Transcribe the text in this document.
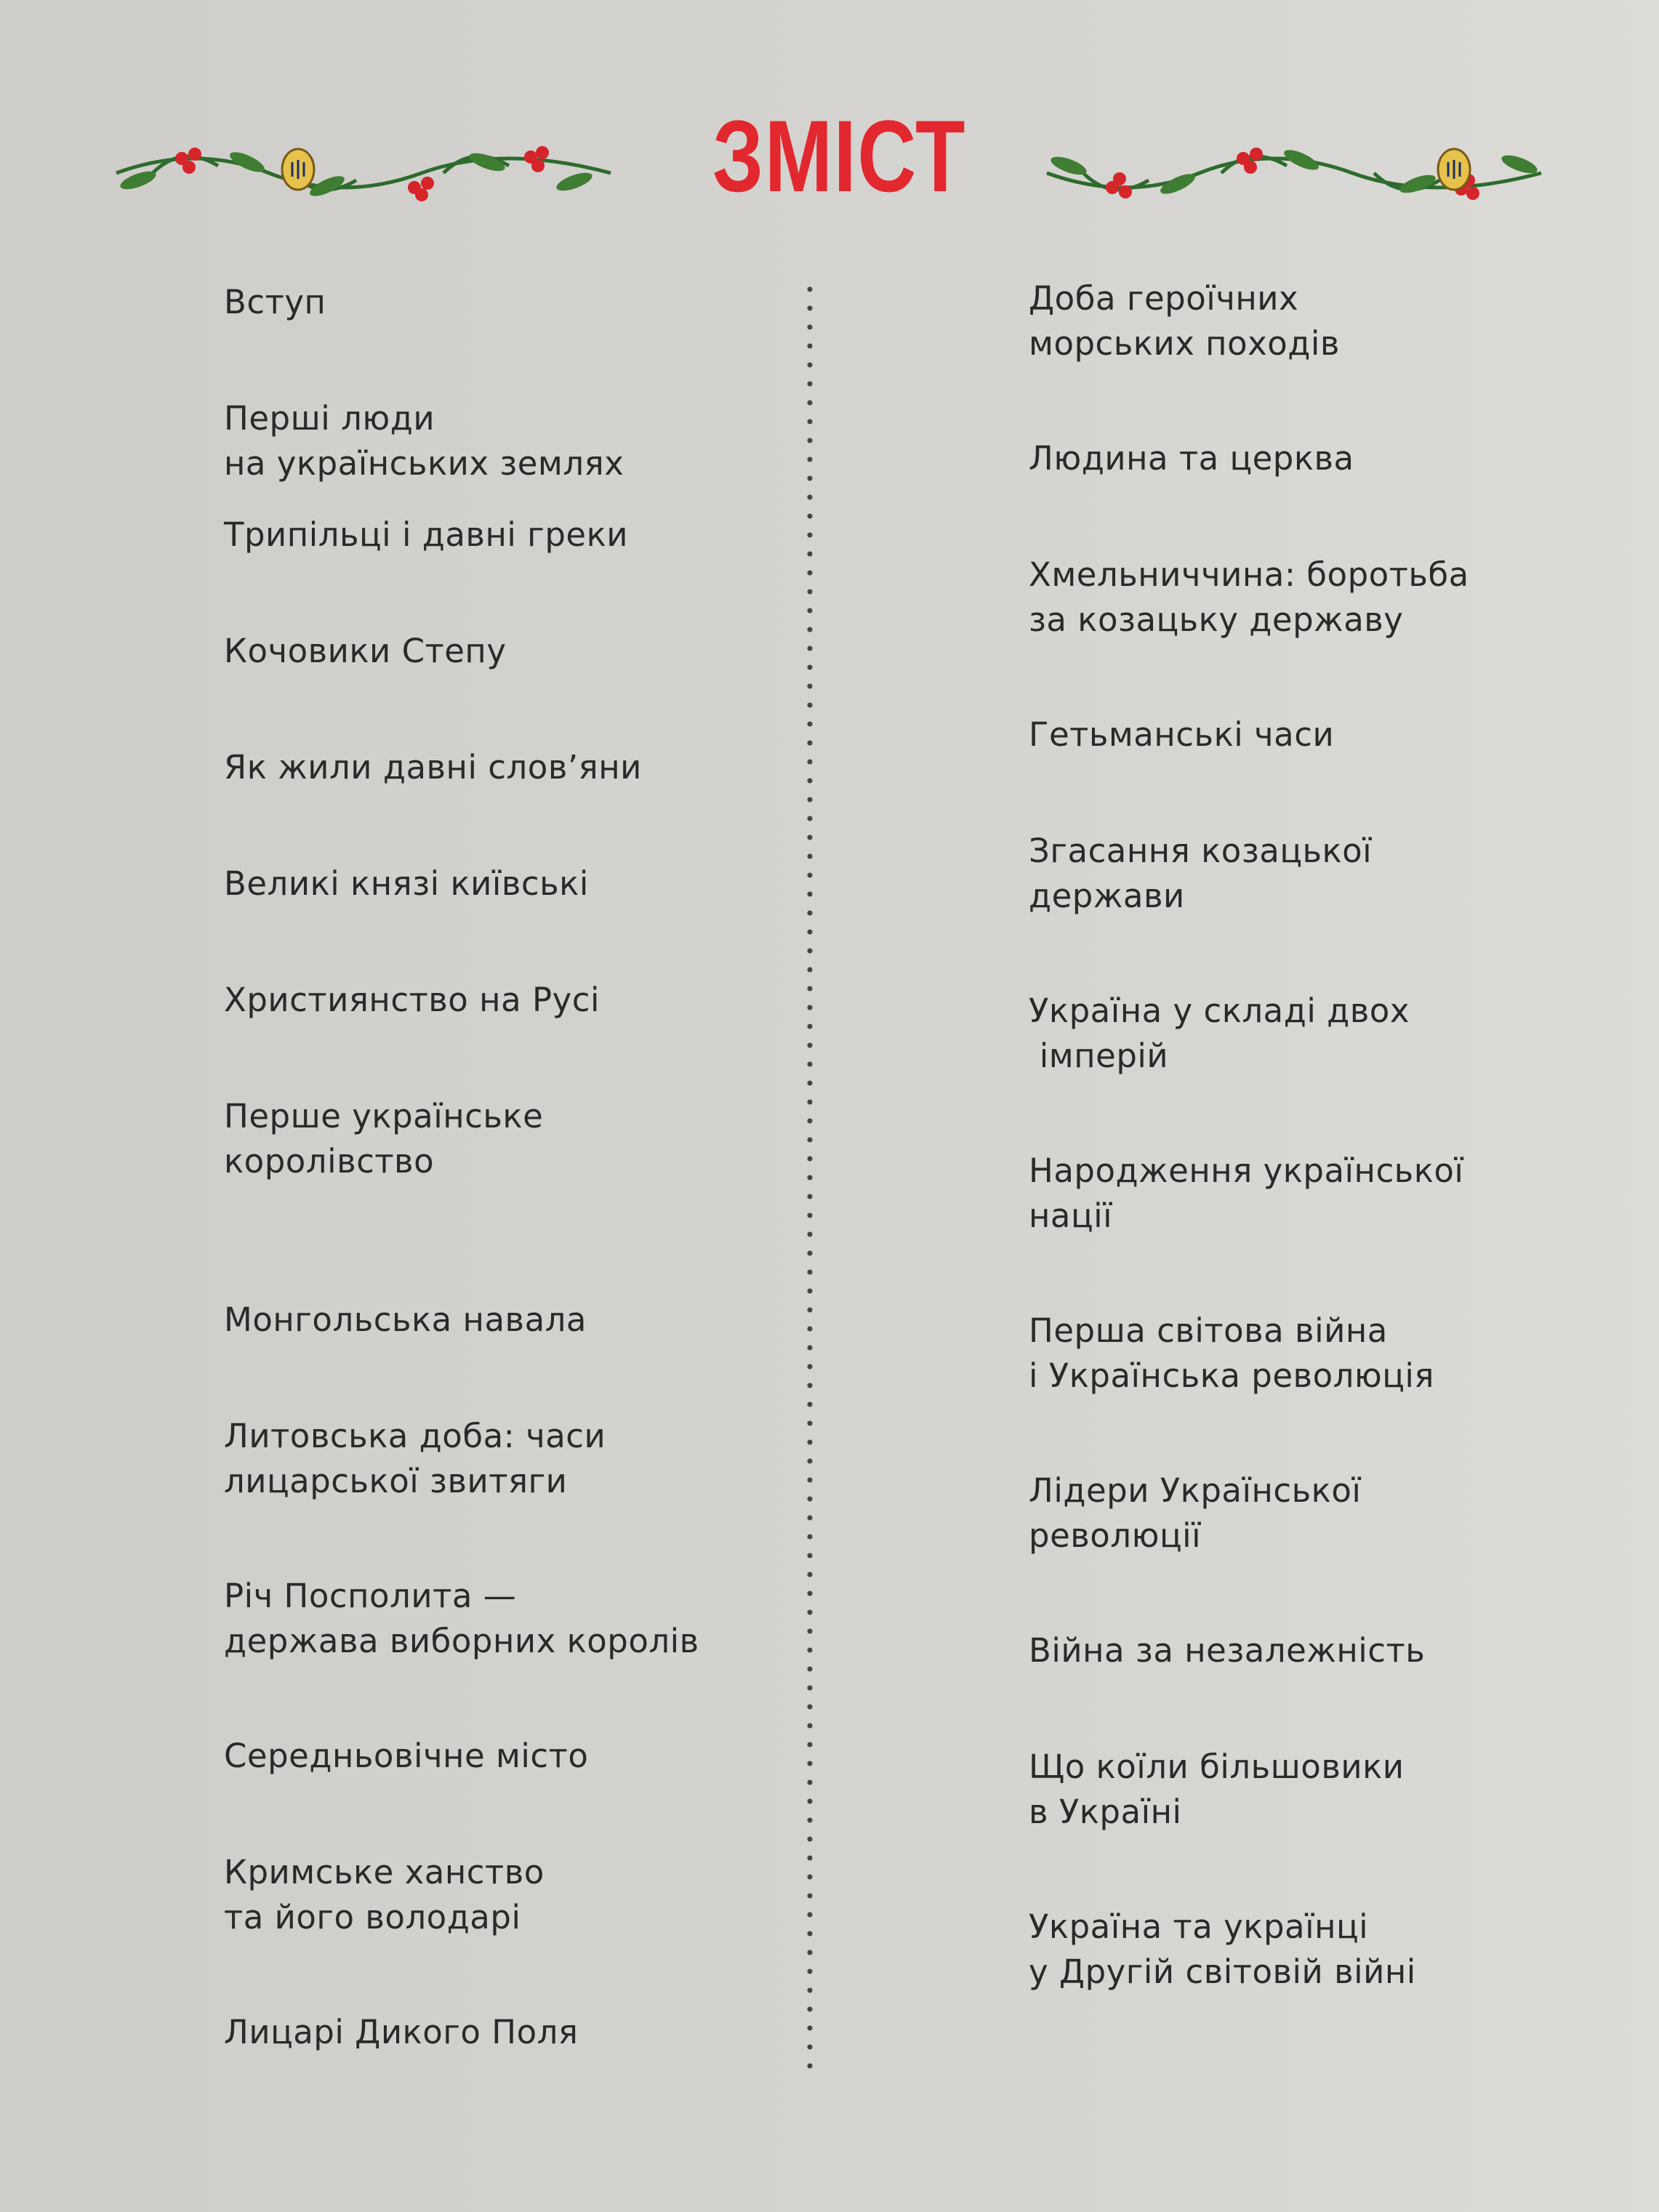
ЗМІСТ
Вступ
Перші люди
на українських землях
Трипільці і давні греки
Кочовики Степу
Як жили давні слов’яни
Великі князі київські
Християнство на Русі
Перше українське
королівство
Монгольська навала
Литовська доба: часи
лицарської звитяги
Річ Посполита —
держава виборних королів
Середньовічне місто
Кримське ханство
та його володарі
Лицарі Дикого Поля
Доба героїчних
морських походів
Людина та церква
Хмельниччина: боротьба
за козацьку державу
Гетьманські часи
Згасання козацької
держави
Україна у складі двох
імперій
Народження української
нації
Перша світова війна
і Українська революція
Лідери Української
революції
Війна за незалежність
Що коїли більшовики
в Україні
Україна та українці
у Другій світовій війні
